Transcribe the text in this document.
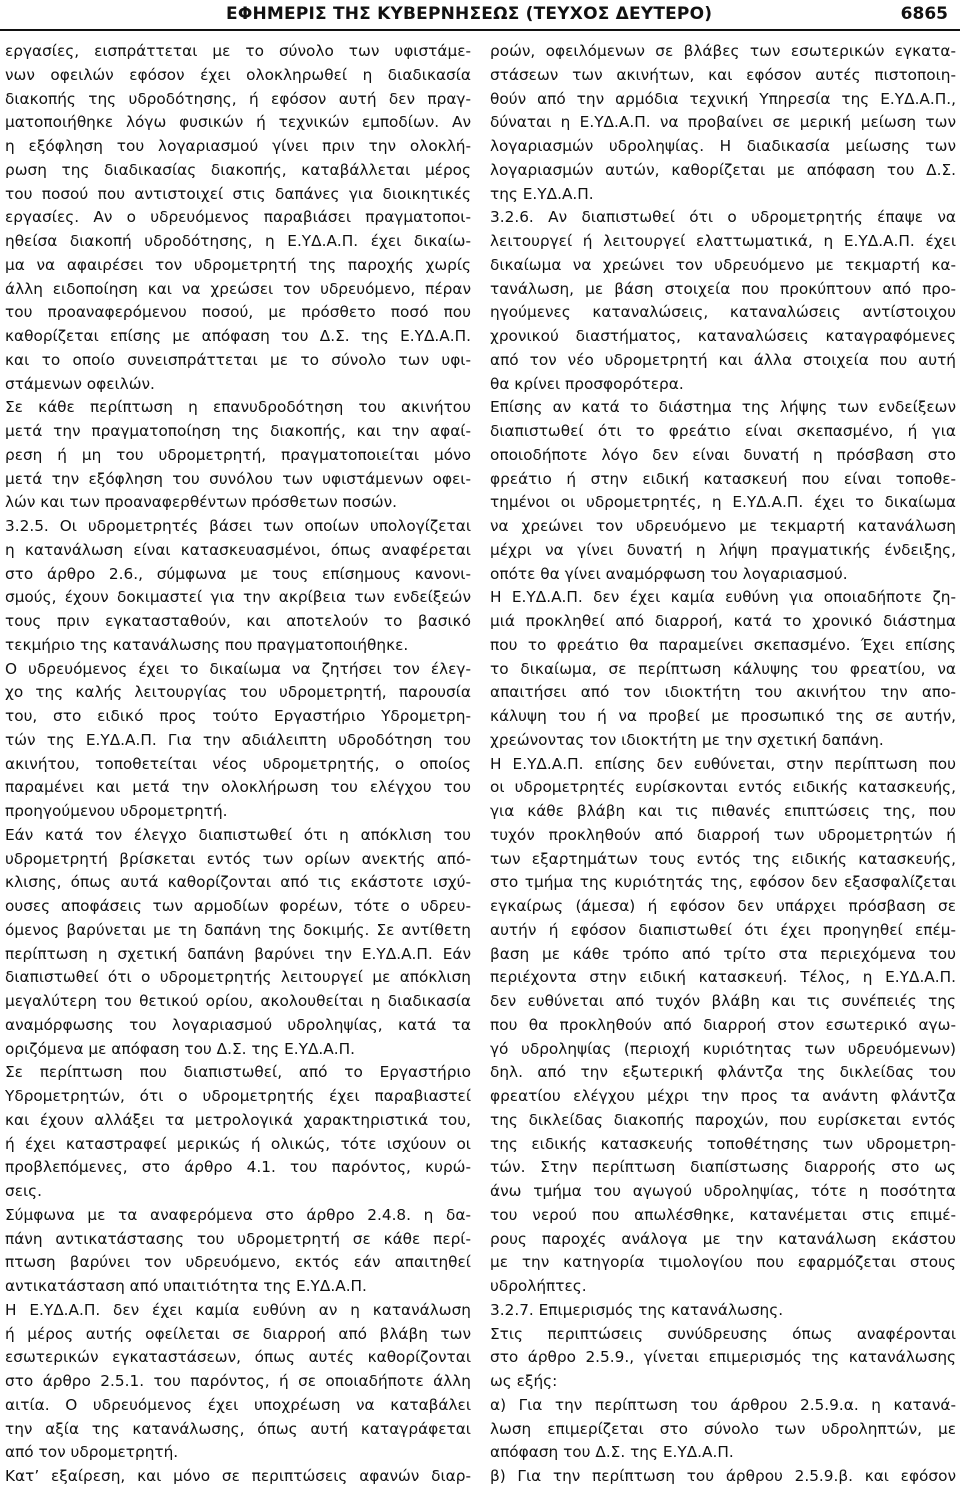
ΕΦΗΜΕΡΙΣ ΤΗΣ ΚΥΒΕΡΝΗΣΕΩΣ (ΤΕΥΧΟΣ ΔΕΥΤΕΡΟ)	6865

εργασίες, εισπράττεται με το σύνολο των υφιστάμε-

νων οφειλών εφόσον έχει ολοκληρωθεί η διαδικασία

διακοπής της υδροδότησης, ή εφόσον αυτή δεν πραγ-

ματοποιήθηκε λόγω φυσικών ή τεχνικών εμποδίων. Αν

η εξόφληση του λογαριασμού γίνει πριν την ολοκλή-

ρωση της διαδικασίας διακοπής, καταβάλλεται μέρος

του ποσού που αντιστοιχεί στις δαπάνες για διοικητικές

εργασίες. Αν ο υδρευόμενος παραβιάσει πραγματοποι-

ηθείσα διακοπή υδροδότησης, η Ε.ΥΔ.Α.Π. έχει δικαίω-

μα να αφαιρέσει τον υδρομετρητή της παροχής χωρίς

άλλη ειδοποίηση και να χρεώσει τον υδρευόμενο, πέραν

του προαναφερόμενου ποσού, με πρόσθετο ποσό που

καθορίζεται επίσης με απόφαση του Δ.Σ. της Ε.ΥΔ.Α.Π.

και το οποίο συνεισπράττεται με το σύνολο των υφι-

στάμενων οφειλών.

Σε κάθε περίπτωση η επανυδροδότηση του ακινήτου

μετά την πραγματοποίηση της διακοπής, και την αφαί-

ρεση ή μη του υδρομετρητή, πραγματοποιείται μόνο

μετά την εξόφληση του συνόλου των υφιστάμενων οφει-

λών και των προαναφερθέντων πρόσθετων ποσών.

3.2.5. Οι υδρομετρητές βάσει των οποίων υπολογίζεται

η κατανάλωση είναι κατασκευασμένοι, όπως αναφέρεται

στο άρθρο 2.6., σύμφωνα με τους επίσημους κανονι-

σμούς, έχουν δοκιμαστεί για την ακρίβεια των ενδείξεών

τους πριν εγκατασταθούν, και αποτελούν το βασικό

τεκμήριο της κατανάλωσης που πραγματοποιήθηκε.

Ο υδρευόμενος έχει το δικαίωμα να ζητήσει τον έλεγ-

χο της καλής λειτουργίας του υδρομετρητή, παρουσία

του, στο ειδικό προς τούτο Εργαστήριο Υδρομετρη-

τών της Ε.ΥΔ.Α.Π. Για την αδιάλειπτη υδροδότηση του

ακινήτου, τοποθετείται νέος υδρομετρητής, ο οποίος

παραμένει και μετά την ολοκλήρωση του ελέγχου του

προηγούμενου υδρομετρητή.

Εάν κατά τον έλεγχο διαπιστωθεί ότι η απόκλιση του

υδρομετρητή βρίσκεται εντός των ορίων ανεκτής από-

κλισης, όπως αυτά καθορίζονται από τις εκάστοτε ισχύ-

ουσες αποφάσεις των αρμοδίων φορέων, τότε ο υδρευ-

όμενος βαρύνεται με τη δαπάνη της δοκιμής. Σε αντίθετη

περίπτωση η σχετική δαπάνη βαρύνει την Ε.ΥΔ.Α.Π. Εάν

διαπιστωθεί ότι ο υδρομετρητής λειτουργεί με απόκλιση

μεγαλύτερη του θετικού ορίου, ακολουθείται η διαδικασία

αναμόρφωσης του λογαριασμού υδροληψίας, κατά τα

οριζόμενα με απόφαση του Δ.Σ. της Ε.ΥΔ.Α.Π.

Σε περίπτωση που διαπιστωθεί, από το Εργαστήριο

Υδρομετρητών, ότι ο υδρομετρητής έχει παραβιαστεί

και έχουν αλλάξει τα μετρολογικά χαρακτηριστικά του,

ή έχει καταστραφεί μερικώς ή ολικώς, τότε ισχύουν οι

προβλεπόμενες, στο άρθρο 4.1. του παρόντος, κυρώ-

σεις.

Σύμφωνα με τα αναφερόμενα στο άρθρο 2.4.8. η δα-

πάνη αντικατάστασης του υδρομετρητή σε κάθε περί-

πτωση βαρύνει τον υδρευόμενο, εκτός εάν απαιτηθεί

αντικατάσταση από υπαιτιότητα της Ε.ΥΔ.Α.Π.

Η Ε.ΥΔ.Α.Π. δεν έχει καμία ευθύνη αν η κατανάλωση

ή μέρος αυτής οφείλεται σε διαρροή από βλάβη των

εσωτερικών εγκαταστάσεων, όπως αυτές καθορίζονται

στο άρθρο 2.5.1. του παρόντος, ή σε οποιαδήποτε άλλη

αιτία. Ο υδρευόμενος έχει υποχρέωση να καταβάλει

την αξία της κατανάλωσης, όπως αυτή καταγράφεται

από τον υδρομετρητή.

Κατ’ εξαίρεση, και μόνο σε περιπτώσεις αφανών διαρ-

ροών, οφειλόμενων σε βλάβες των εσωτερικών εγκατα-

στάσεων των ακινήτων, και εφόσον αυτές πιστοποιη-

θούν από την αρμόδια τεχνική Υπηρεσία της Ε.ΥΔ.Α.Π.,

δύναται η Ε.ΥΔ.Α.Π. να προβαίνει σε μερική μείωση των

λογαριασμών υδροληψίας. Η διαδικασία μείωσης των

λογαριασμών αυτών, καθορίζεται με απόφαση του Δ.Σ.

της Ε.ΥΔ.Α.Π.

3.2.6. Αν διαπιστωθεί ότι ο υδρομετρητής έπαψε να

λειτουργεί ή λειτουργεί ελαττωματικά, η Ε.ΥΔ.Α.Π. έχει

δικαίωμα να χρεώνει τον υδρευόμενο με τεκμαρτή κα-

τανάλωση, με βάση στοιχεία που προκύπτουν από προ-

ηγούμενες καταναλώσεις, καταναλώσεις αντίστοιχου

χρονικού διαστήματος, καταναλώσεις καταγραφόμενες

από τον νέο υδρομετρητή και άλλα στοιχεία που αυτή

θα κρίνει προσφορότερα.

Επίσης αν κατά το διάστημα της λήψης των ενδείξεων

διαπιστωθεί ότι το φρεάτιο είναι σκεπασμένο, ή για

οποιοδήποτε λόγο δεν είναι δυνατή η πρόσβαση στο

φρεάτιο ή στην ειδική κατασκευή που είναι τοποθε-

τημένοι οι υδρομετρητές, η Ε.ΥΔ.Α.Π. έχει το δικαίωμα

να χρεώνει τον υδρευόμενο με τεκμαρτή κατανάλωση

μέχρι να γίνει δυνατή η λήψη πραγματικής ένδειξης,

οπότε θα γίνει αναμόρφωση του λογαριασμού.

Η Ε.ΥΔ.Α.Π. δεν έχει καμία ευθύνη για οποιαδήποτε ζη-

μιά προκληθεί από διαρροή, κατά το χρονικό διάστημα

που το φρεάτιο θα παραμείνει σκεπασμένο. Έχει επίσης

το δικαίωμα, σε περίπτωση κάλυψης του φρεατίου, να

απαιτήσει από τον ιδιοκτήτη του ακινήτου την απο-

κάλυψη του ή να προβεί με προσωπικό της σε αυτήν,

χρεώνοντας τον ιδιοκτήτη με την σχετική δαπάνη.

Η Ε.ΥΔ.Α.Π. επίσης δεν ευθύνεται, στην περίπτωση που

οι υδρομετρητές ευρίσκονται εντός ειδικής κατασκευής,

για κάθε βλάβη και τις πιθανές επιπτώσεις της, που

τυχόν προκληθούν από διαρροή των υδρομετρητών ή

των εξαρτημάτων τους εντός της ειδικής κατασκευής,

στο τμήμα της κυριότητάς της, εφόσον δεν εξασφαλίζεται

εγκαίρως (άμεσα) ή εφόσον δεν υπάρχει πρόσβαση σε

αυτήν ή εφόσον διαπιστωθεί ότι έχει προηγηθεί επέμ-

βαση με κάθε τρόπο από τρίτο στα περιεχόμενα του

περιέχοντα στην ειδική κατασκευή. Τέλος, η Ε.ΥΔ.Α.Π.

δεν ευθύνεται από τυχόν βλάβη και τις συνέπειές της

που θα προκληθούν από διαρροή στον εσωτερικό αγω-

γό υδροληψίας (περιοχή κυριότητας των υδρευόμενων)

δηλ. από την εξωτερική φλάντζα της δικλείδας του

φρεατίου ελέγχου μέχρι την προς τα ανάντη φλάντζα

της δικλείδας διακοπής παροχών, που ευρίσκεται εντός

της ειδικής κατασκευής τοποθέτησης των υδρομετρη-

τών. Στην περίπτωση διαπίστωσης διαρροής στο ως

άνω τμήμα του αγωγού υδροληψίας, τότε η ποσότητα

του νερού που απωλέσθηκε, κατανέμεται στις επιμέ-

ρους παροχές ανάλογα με την κατανάλωση εκάστου

με την κατηγορία τιμολογίου που εφαρμόζεται στους

υδρολήπτες.

3.2.7. Επιμερισμός της κατανάλωσης.

Στις περιπτώσεις συνύδρευσης όπως αναφέρονται

στο άρθρο 2.5.9., γίνεται επιμερισμός της κατανάλωσης

ως εξής:

α) Για την περίπτωση του άρθρου 2.5.9.α. η κατανά-

λωση επιμερίζεται στο σύνολο των υδροληπτών, με

απόφαση του Δ.Σ. της Ε.ΥΔ.Α.Π.

β) Για την περίπτωση του άρθρου 2.5.9.β. και εφόσον
